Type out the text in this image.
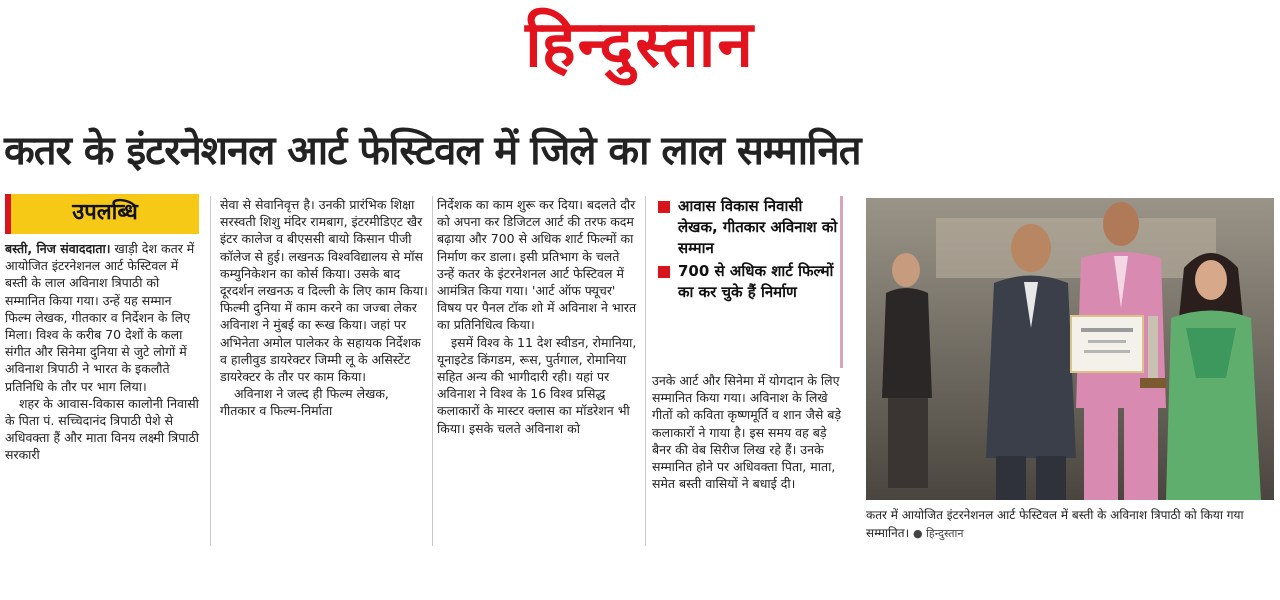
हिन्दुस्तान
कतर के इंटरनेशनल आर्ट फेस्टिवल में जिले का लाल सम्मानित
उपलब्धि

बस्ती, निज संवाददाता। खाड़ी देश कतर में आयोजित इंटरनेशनल आर्ट फेस्टिवल में बस्ती के लाल अविनाश त्रिपाठी को सम्मानित किया गया। उन्हें यह सम्मान फिल्म लेखक, गीतकार व निर्देशन के लिए मिला। विश्व के करीब 70 देशों के कला संगीत और सिनेमा दुनिया से जुटे लोगों में अविनाश त्रिपाठी ने भारत के इकलौते प्रतिनिधि के तौर पर भाग लिया।

शहर के आवास-विकास कालोनी निवासी के पिता पं. सच्चिदानंद त्रिपाठी पेशे से अधिवक्ता हैं और माता विनय लक्ष्मी त्रिपाठी सरकारी

सेवा से सेवानिवृत्त है। उनकी प्रारंभिक शिक्षा सरस्वती शिशु मंदिर रामबाग, इंटरमीडिएट खैर इंटर कालेज व बीएससी बायो किसान पीजी कॉलेज से हुई। लखनऊ विश्वविद्यालय से मॉस कम्युनिकेशन का कोर्स किया। उसके बाद दूरदर्शन लखनऊ व दिल्ली के लिए काम किया। फिल्मी दुनिया में काम करने का जज्बा लेकर अविनाश ने मुंबई का रूख किया। जहां पर अभिनेता अमोल पालेकर के सहायक निर्देशक व हालीवुड डायरेक्टर जिम्मी लू के असिस्टेंट डायरेक्टर के तौर पर काम किया।

अविनाश ने जल्द ही फिल्म लेखक, गीतकार व फिल्म-निर्माता

निर्देशक का काम शुरू कर दिया। बदलते दौर को अपना कर डिजिटल आर्ट की तरफ कदम बढ़ाया और 700 से अधिक शार्ट फिल्मों का निर्माण कर डाला। इसी प्रतिभाग के चलते उन्हें कतर के इंटरनेशनल आर्ट फेस्टिवल में आमंत्रित किया गया। 'आर्ट ऑफ फ्यूचर' विषय पर पैनल टॉक शो में अविनाश ने भारत का प्रतिनिधित्व किया।

इसमें विश्व के 11 देश स्वीडन, रोमानिया, यूनाइटेड किंगडम, रूस, पुर्तगाल, रोमानिया सहित अन्य की भागीदारी रही। यहां पर अविनाश ने विश्व के 16 विश्व प्रसिद्ध कलाकारों के मास्टर क्लास का मॉडरेशन भी किया। इसके चलते अविनाश को

आवास विकास निवासी लेखक, गीतकार अविनाश को सम्मान
700 से अधिक शार्ट फिल्मों का कर चुके हैं निर्माण

उनके आर्ट और सिनेमा में योगदान के लिए सम्मानित किया गया। अविनाश के लिखे गीतों को कविता कृष्णमूर्ति व शान जैसे बड़े कलाकारों ने गाया है। इस समय वह बड़े बैनर की वेब सिरीज लिख रहे हैं। उनके सम्मानित होने पर अधिवक्ता पिता, माता, समेत बस्ती वासियों ने बधाई दी।

कतर में आयोजित इंटरनेशनल आर्ट फेस्टिवल में बस्ती के अविनाश त्रिपाठी को किया गया सम्मानित। ● हिन्दुस्तान
